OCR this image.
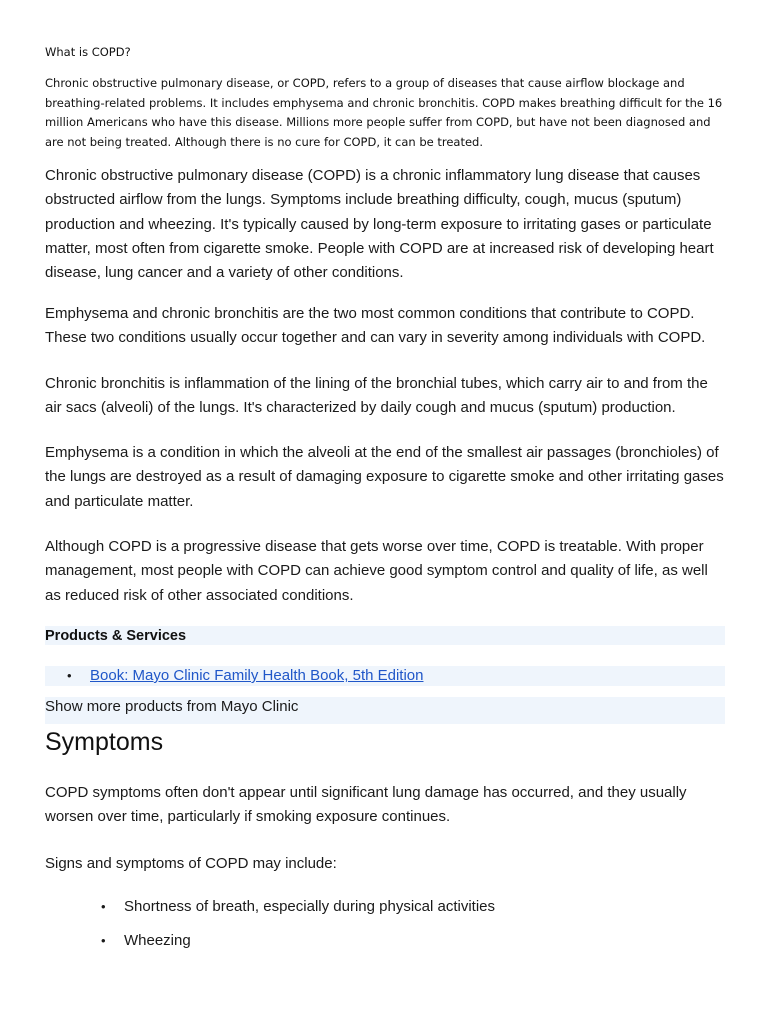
What is COPD?

Chronic obstructive pulmonary disease, or COPD, refers to a group of diseases that cause airflow blockage and breathing-related problems. It includes emphysema and chronic bronchitis. COPD makes breathing difficult for the 16 million Americans who have this disease. Millions more people suffer from COPD, but have not been diagnosed and are not being treated. Although there is no cure for COPD, it can be treated.

Chronic obstructive pulmonary disease (COPD) is a chronic inflammatory lung disease that causes obstructed airflow from the lungs. Symptoms include breathing difficulty, cough, mucus (sputum) production and wheezing. It's typically caused by long-term exposure to irritating gases or particulate matter, most often from cigarette smoke. People with COPD are at increased risk of developing heart disease, lung cancer and a variety of other conditions.

Emphysema and chronic bronchitis are the two most common conditions that contribute to COPD. These two conditions usually occur together and can vary in severity among individuals with COPD.

Chronic bronchitis is inflammation of the lining of the bronchial tubes, which carry air to and from the air sacs (alveoli) of the lungs. It's characterized by daily cough and mucus (sputum) production.

Emphysema is a condition in which the alveoli at the end of the smallest air passages (bronchioles) of the lungs are destroyed as a result of damaging exposure to cigarette smoke and other irritating gases and particulate matter.

Although COPD is a progressive disease that gets worse over time, COPD is treatable. With proper management, most people with COPD can achieve good symptom control and quality of life, as well as reduced risk of other associated conditions.

Products & Services
• Book: Mayo Clinic Family Health Book, 5th Edition

Show more products from Mayo Clinic

Symptoms

COPD symptoms often don't appear until significant lung damage has occurred, and they usually worsen over time, particularly if smoking exposure continues.

Signs and symptoms of COPD may include:

• Shortness of breath, especially during physical activities
• Wheezing
